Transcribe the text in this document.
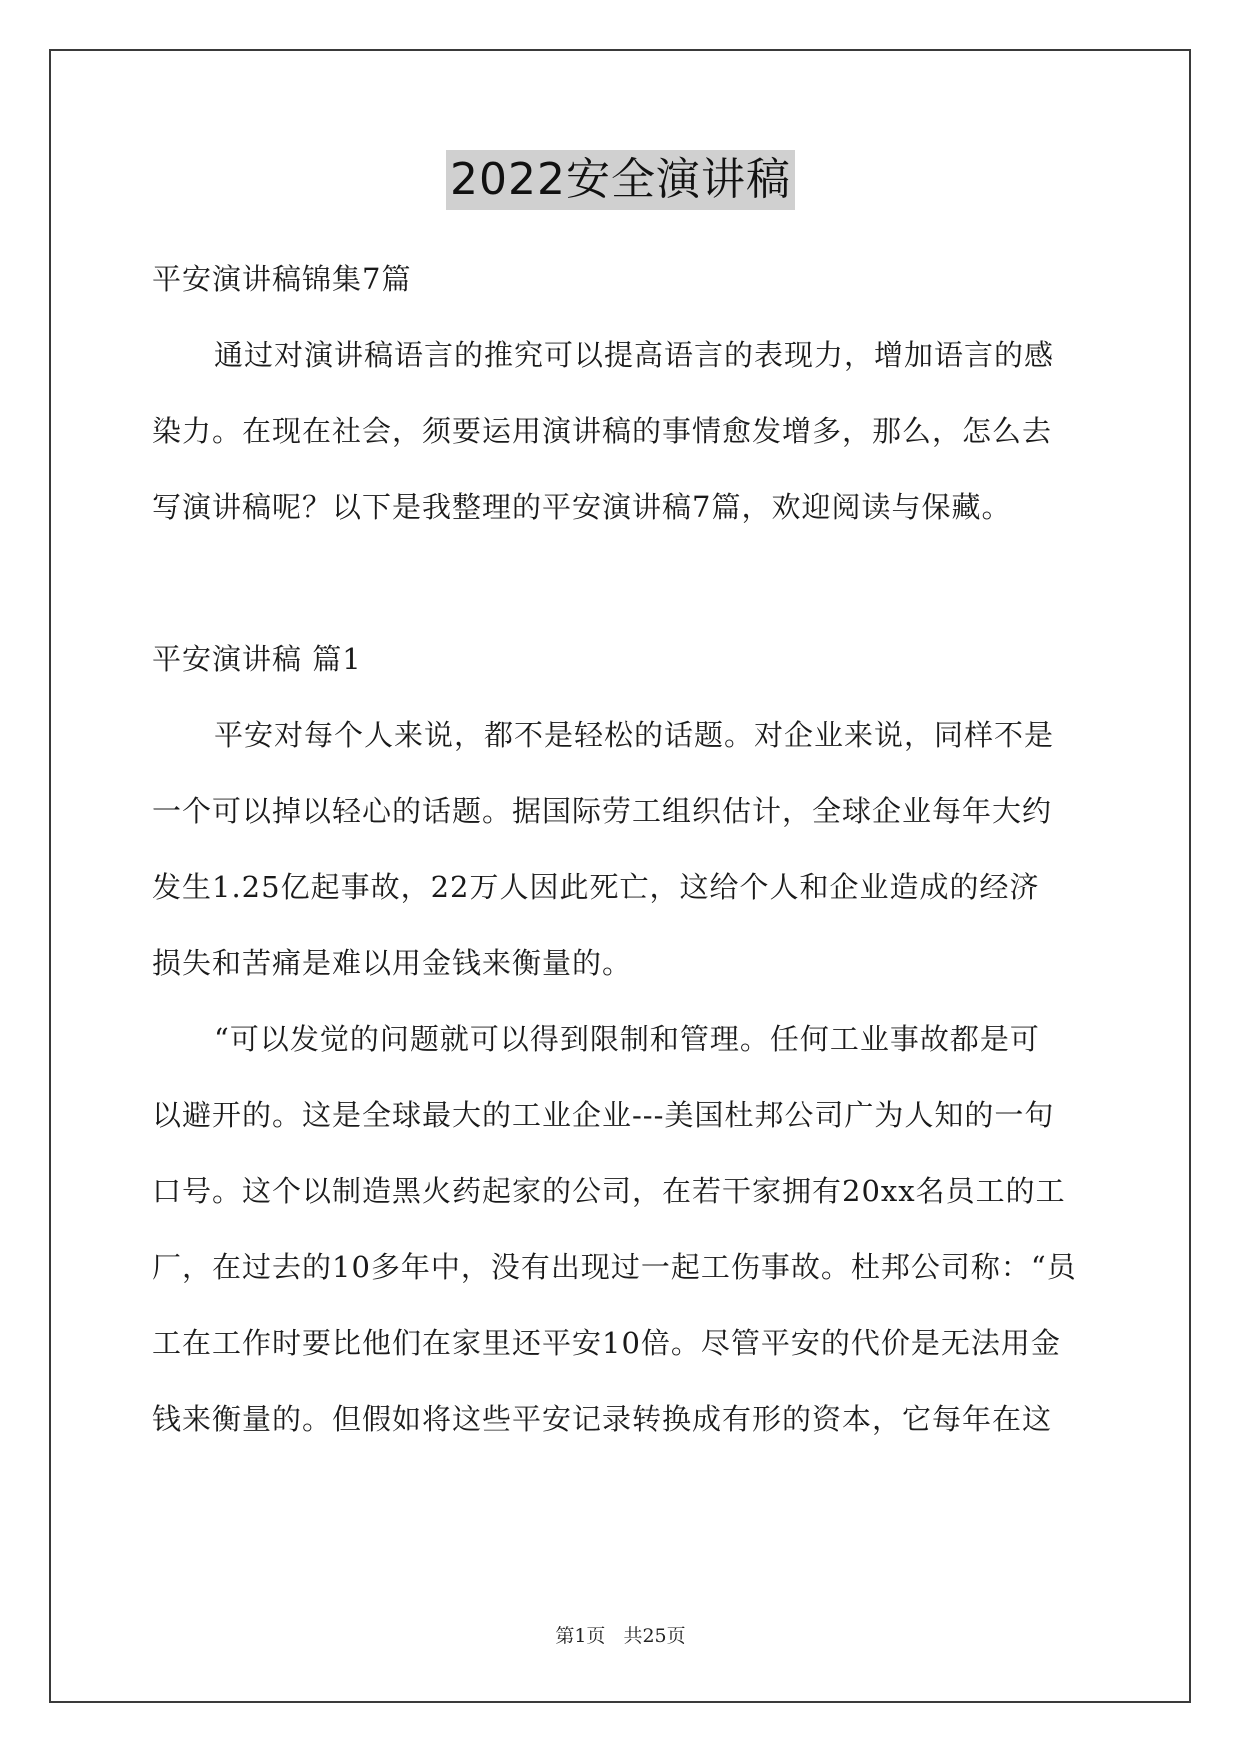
2022安全演讲稿
平安演讲稿锦集7篇
通过对演讲稿语言的推究可以提高语言的表现力，增加语言的感
染力。在现在社会，须要运用演讲稿的事情愈发增多，那么，怎么去
写演讲稿呢？以下是我整理的平安演讲稿7篇，欢迎阅读与保藏。
平安演讲稿 篇1
平安对每个人来说，都不是轻松的话题。对企业来说，同样不是
一个可以掉以轻心的话题。据国际劳工组织估计，全球企业每年大约
发生1.25亿起事故，22万人因此死亡，这给个人和企业造成的经济
损失和苦痛是难以用金钱来衡量的。
“可以发觉的问题就可以得到限制和管理。任何工业事故都是可
以避开的。这是全球最大的工业企业---美国杜邦公司广为人知的一句
口号。这个以制造黑火药起家的公司，在若干家拥有20xx名员工的工
厂，在过去的10多年中，没有出现过一起工伤事故。杜邦公司称：“员
工在工作时要比他们在家里还平安10倍。尽管平安的代价是无法用金
钱来衡量的。但假如将这些平安记录转换成有形的资本，它每年在这
第1页 共25页
